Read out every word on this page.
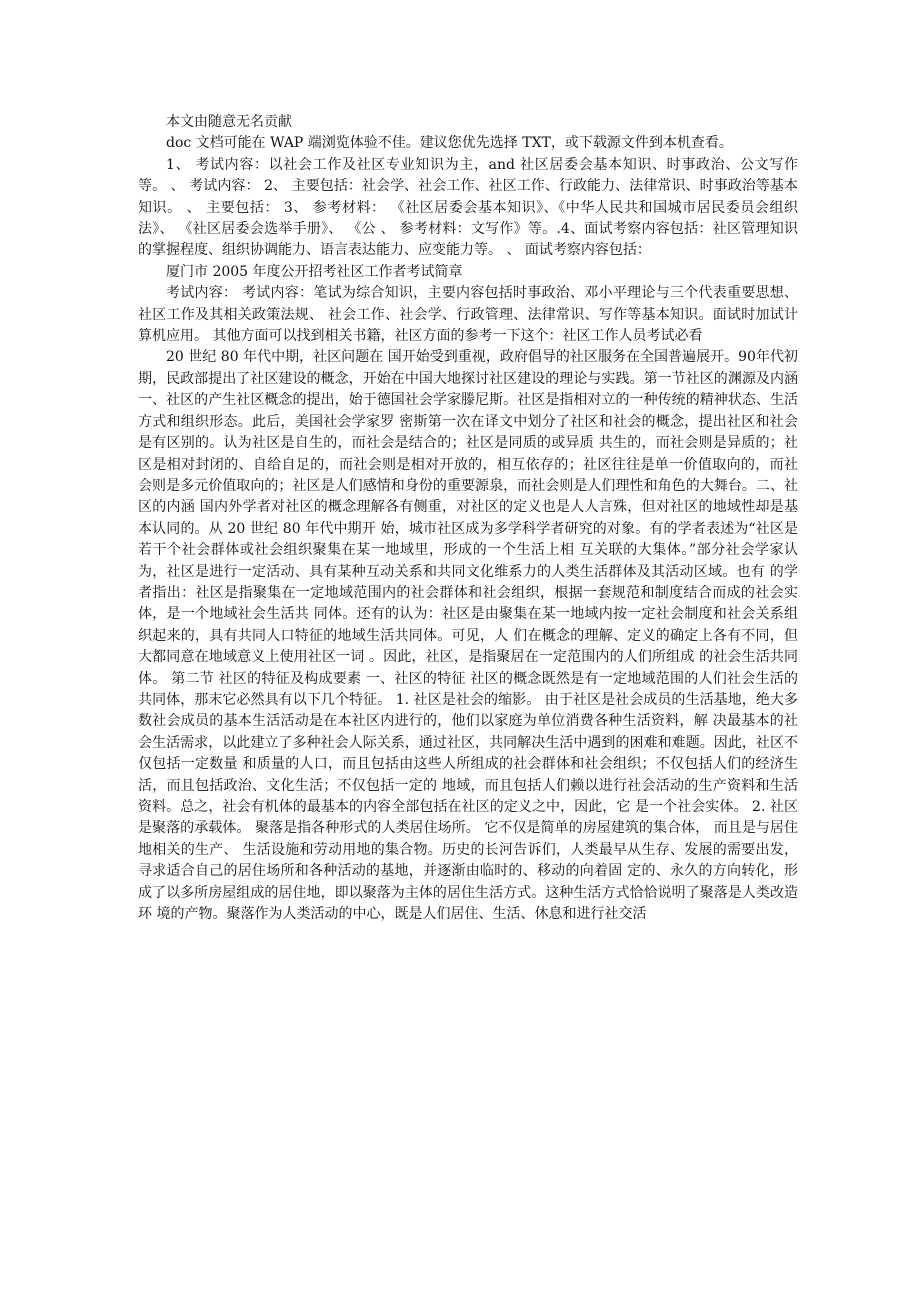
本文由随意无名贡献

doc 文档可能在 WAP 端浏览体验不佳。建议您优先选择 TXT，或下载源文件到本机查看。

1、 考试内容：以社会工作及社区专业知识为主，and 社区居委会基本知识、时事政治、公文写作等。 、 考试内容： 2、 主要包括：社会学、社会工作、社区工作、行政能力、法律常识、时事政治等基本知识。 、 主要包括： 3、 参考材料： 《社区居委会基本知识》、《中华人民共和国城市居民委员会组织法》、 《社区居委会选举手册》、 《公 、 参考材料：文写作》等。.4、面试考察内容包括：社区管理知识的掌握程度、组织协调能力、语言表达能力、应变能力等。 、 面试考察内容包括：

厦门市 2005 年度公开招考社区工作者考试简章

考试内容： 考试内容：笔试为综合知识，主要内容包括时事政治、邓小平理论与三个代表重要思想、社区工作及其相关政策法规、 社会工作、社会学、行政管理、法律常识、写作等基本知识。面试时加试计算机应用。 其他方面可以找到相关书籍，社区方面的参考一下这个：社区工作人员考试必看

20 世纪 80 年代中期，社区问题在 国开始受到重视，政府倡导的社区服务在全国普遍展开。90年代初期，民政部提出了社区建设的概念，开始在中国大地探讨社区建设的理论与实践。第一节社区的渊源及内涵一、社区的产生社区概念的提出，始于德国社会学家滕尼斯。社区是指相对立的一种传统的精神状态、生活方式和组织形态。此后，美国社会学家罗 密斯第一次在译文中划分了社区和社会的概念，提出社区和社会是有区别的。认为社区是自生的，而社会是结合的；社区是同质的或异质 共生的，而社会则是异质的；社区是相对封闭的、自给自足的，而社会则是相对开放的，相互依存的；社区往往是单一价值取向的，而社 会则是多元价值取向的；社区是人们感情和身份的重要源泉，而社会则是人们理性和角色的大舞台。二、社区的内涵 国内外学者对社区的概念理解各有侧重，对社区的定义也是人人言殊，但对社区的地域性却是基本认同的。从 20 世纪 80 年代中期开 始，城市社区成为多学科学者研究的对象。有的学者表述为“社区是若干个社会群体或社会组织聚集在某一地域里，形成的一个生活上相 互关联的大集体。”部分社会学家认为，社区是进行一定活动、具有某种互动关系和共同文化维系力的人类生活群体及其活动区域。也有 的学者指出：社区是指聚集在一定地域范围内的社会群体和社会组织，根据一套规范和制度结合而成的社会实体，是一个地域社会生活共 同体。还有的认为：社区是由聚集在某一地域内按一定社会制度和社会关系组织起来的，具有共同人口特征的地域生活共同体。可见，人 们在概念的理解、定义的确定上各有不同，但大都同意在地域意义上使用社区一词 。因此，社区，是指聚居在一定范围内的人们所组成 的社会生活共同体。 第二节 社区的特征及构成要素 一、社区的特征 社区的概念既然是有一定地域范围的人们社会生活的共同体，那末它必然具有以下几个特征。 1. 社区是社会的缩影。 由于社区是社会成员的生活基地，绝大多数社会成员的基本生活活动是在本社区内进行的，他们以家庭为单位消费各种生活资料，解 决最基本的社会生活需求，以此建立了多种社会人际关系，通过社区，共同解决生活中遇到的困难和难题。因此，社区不仅包括一定数量 和质量的人口，而且包括由这些人所组成的社会群体和社会组织；不仅包括人们的经济生活，而且包括政治、文化生活；不仅包括一定的 地域，而且包括人们赖以进行社会活动的生产资料和生活资料。总之，社会有机体的最基本的内容全部包括在社区的定义之中，因此，它 是一个社会实体。 2. 社区是聚落的承载体。 聚落是指各种形式的人类居住场所。 它不仅是简单的房屋建筑的集合体， 而且是与居住地相关的生产、 生活设施和劳动用地的集合物。历史的长河告诉们，人类最早从生存、发展的需要出发，寻求适合自己的居住场所和各种活动的基地，并逐渐由临时的、移动的向着固 定的、永久的方向转化，形成了以多所房屋组成的居住地，即以聚落为主体的居住生活方式。这种生活方式恰恰说明了聚落是人类改造环 境的产物。聚落作为人类活动的中心，既是人们居住、生活、休息和进行社交活
